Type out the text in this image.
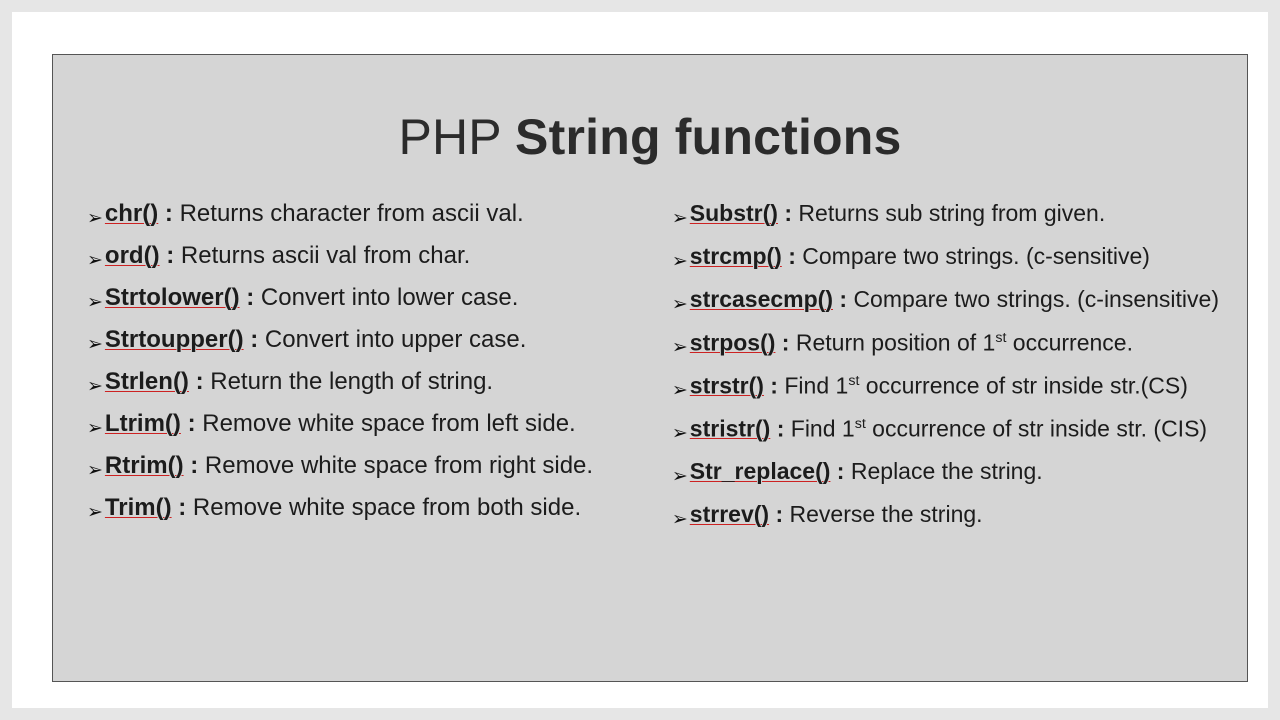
PHP String functions
➢ chr() : Returns character from ascii val.
➢ ord() : Returns ascii val from char.
➢ Strtolower() : Convert into lower case.
➢ Strtoupper() : Convert into upper case.
➢ Strlen() : Return the length of string.
➢ Ltrim() : Remove white space from left side.
➢ Rtrim() : Remove white space from right side.
➢ Trim() : Remove white space from both side.
➢ Substr() : Returns sub string from given.
➢ strcmp() : Compare two strings. (c-sensitive)
➢ strcasecmp() : Compare two strings. (c-insensitive)
➢ strpos() : Return position of 1st occurrence.
➢ strstr() : Find 1st occurrence of str inside str.(CS)
➢ stristr() : Find 1st occurrence of str inside str. (CIS)
➢ Str_replace() : Replace the string.
➢ strrev() : Reverse the string.
